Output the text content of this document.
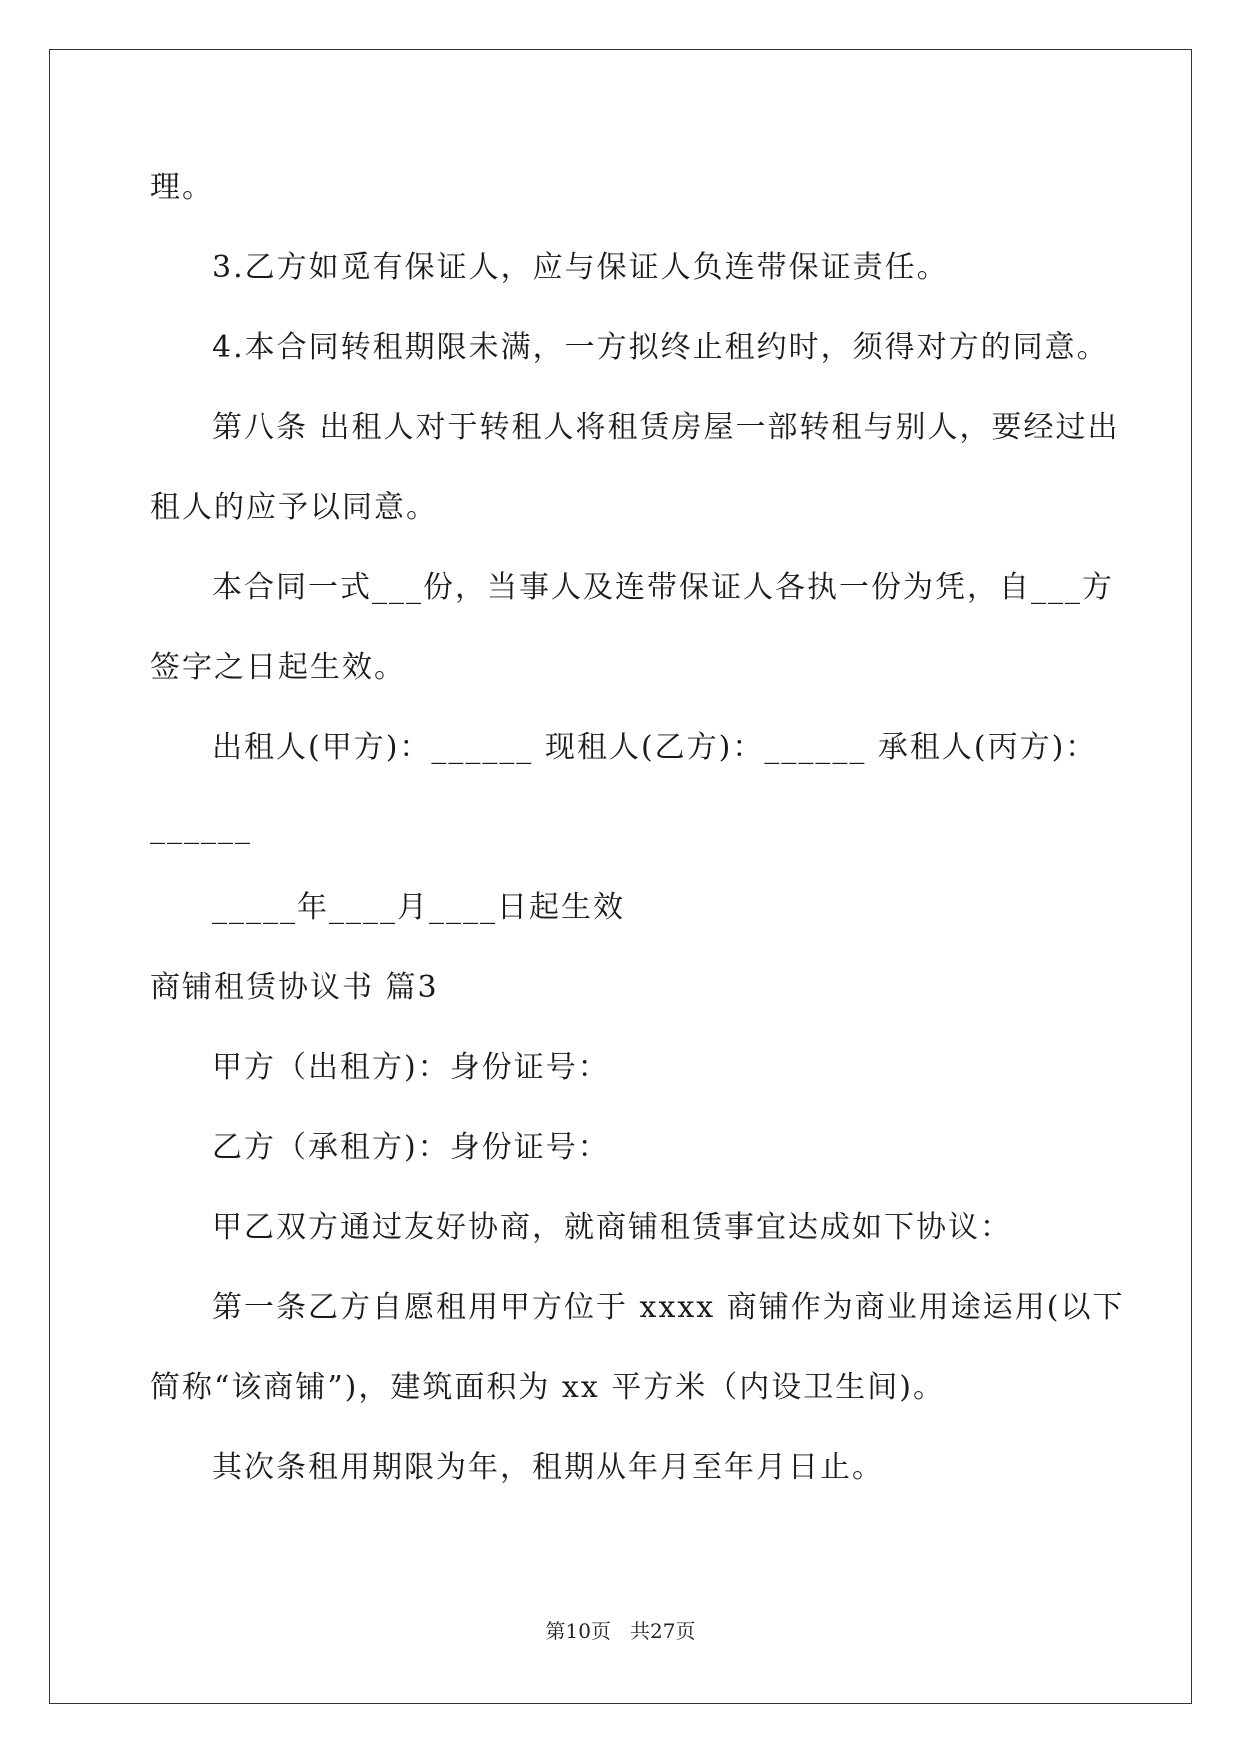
理。
3.乙方如觅有保证人，应与保证人负连带保证责任。
4.本合同转租期限未满，一方拟终止租约时，须得对方的同意。
第八条 出租人对于转租人将租赁房屋一部转租与别人，要经过出
租人的应予以同意。
本合同一式___份，当事人及连带保证人各执一份为凭，自___方
签字之日起生效。
出租人(甲方)：______ 现租人(乙方)：______ 承租人(丙方)：
______
_____年____月____日起生效
商铺租赁协议书 篇3
甲方（出租方)：身份证号：
乙方（承租方)：身份证号：
甲乙双方通过友好协商，就商铺租赁事宜达成如下协议：
第一条乙方自愿租用甲方位于 xxxx 商铺作为商业用途运用(以下
简称“该商铺”)，建筑面积为 xx 平方米（内设卫生间)。
其次条租用期限为年，租期从年月至年月日止。
第10页 共27页
